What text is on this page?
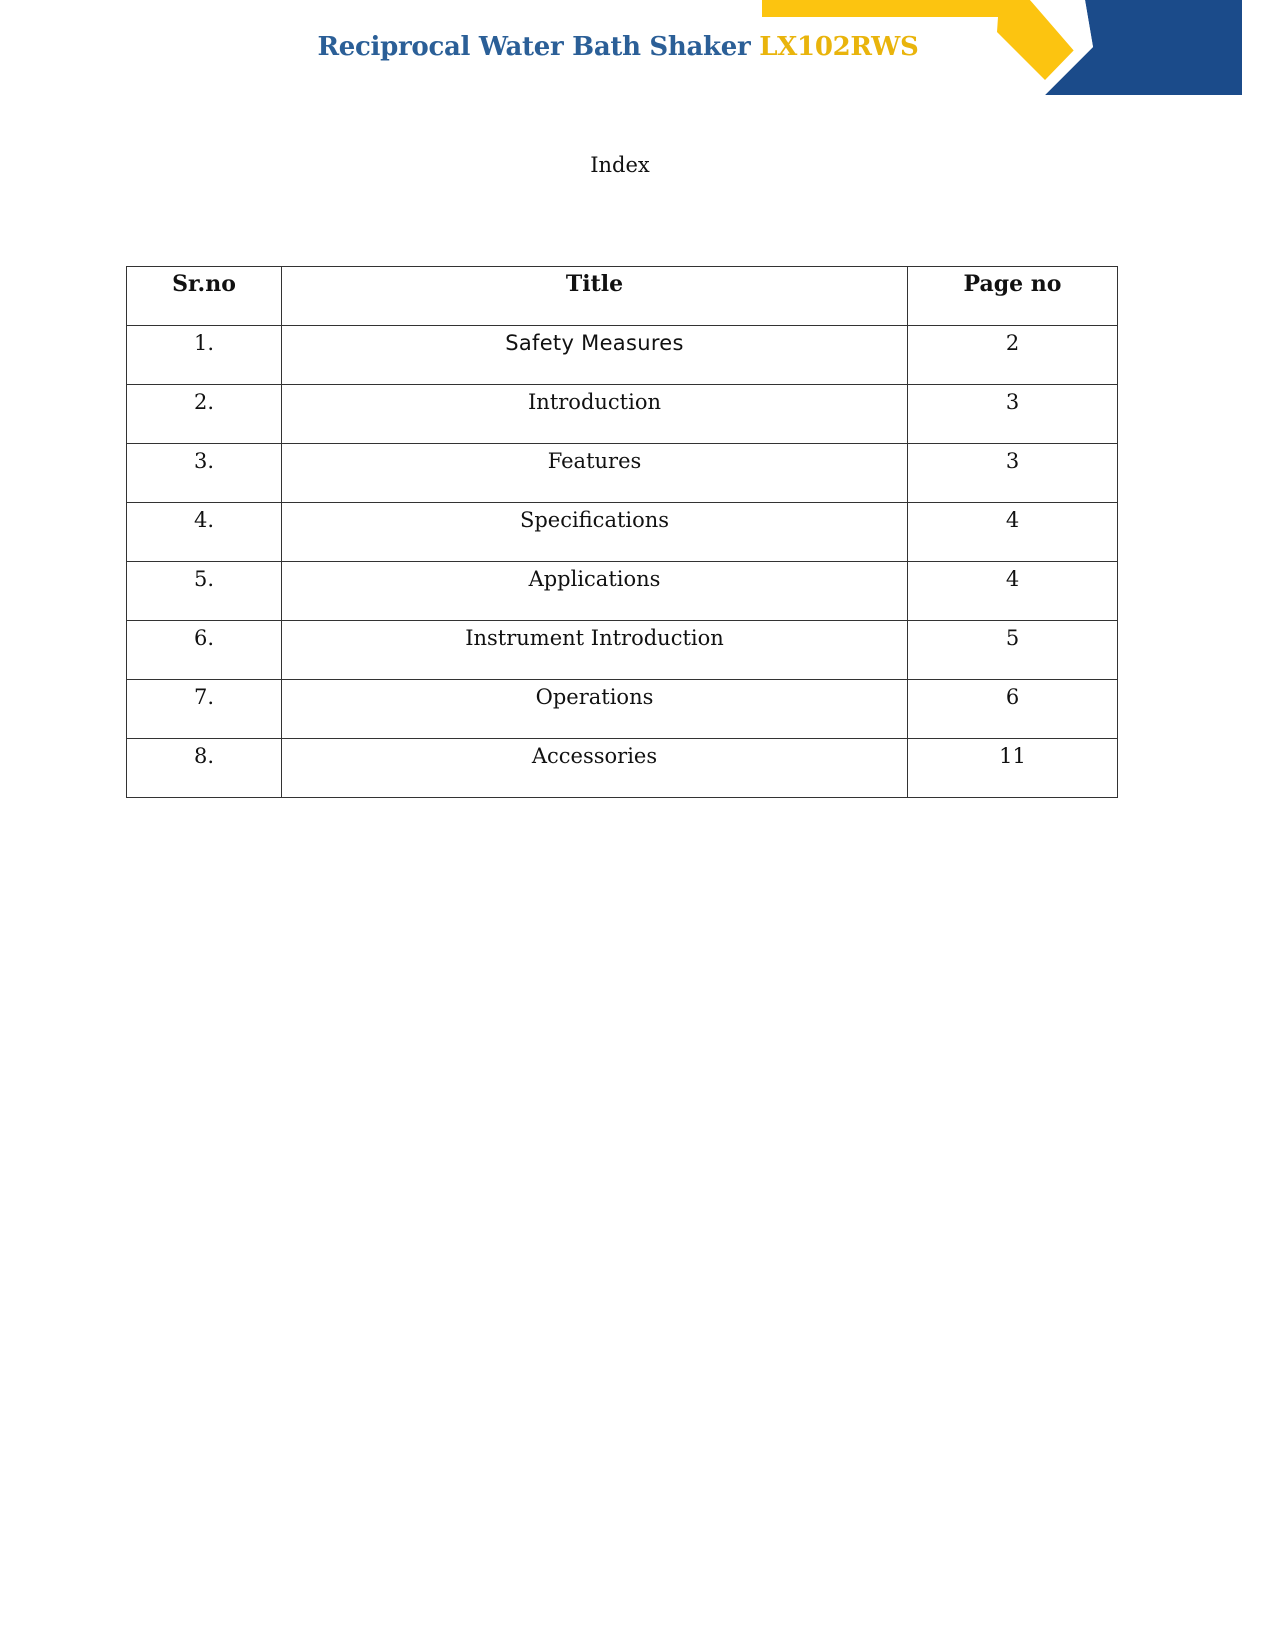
Reciprocal Water Bath Shaker LX102RWS
Index
Sr.no	Title	Page no
1.	Safety Measures	2
2.	Introduction	3
3.	Features	3
4.	Specifications	4
5.	Applications	4
6.	Instrument Introduction	5
7.	Operations	6
8.	Accessories	11
